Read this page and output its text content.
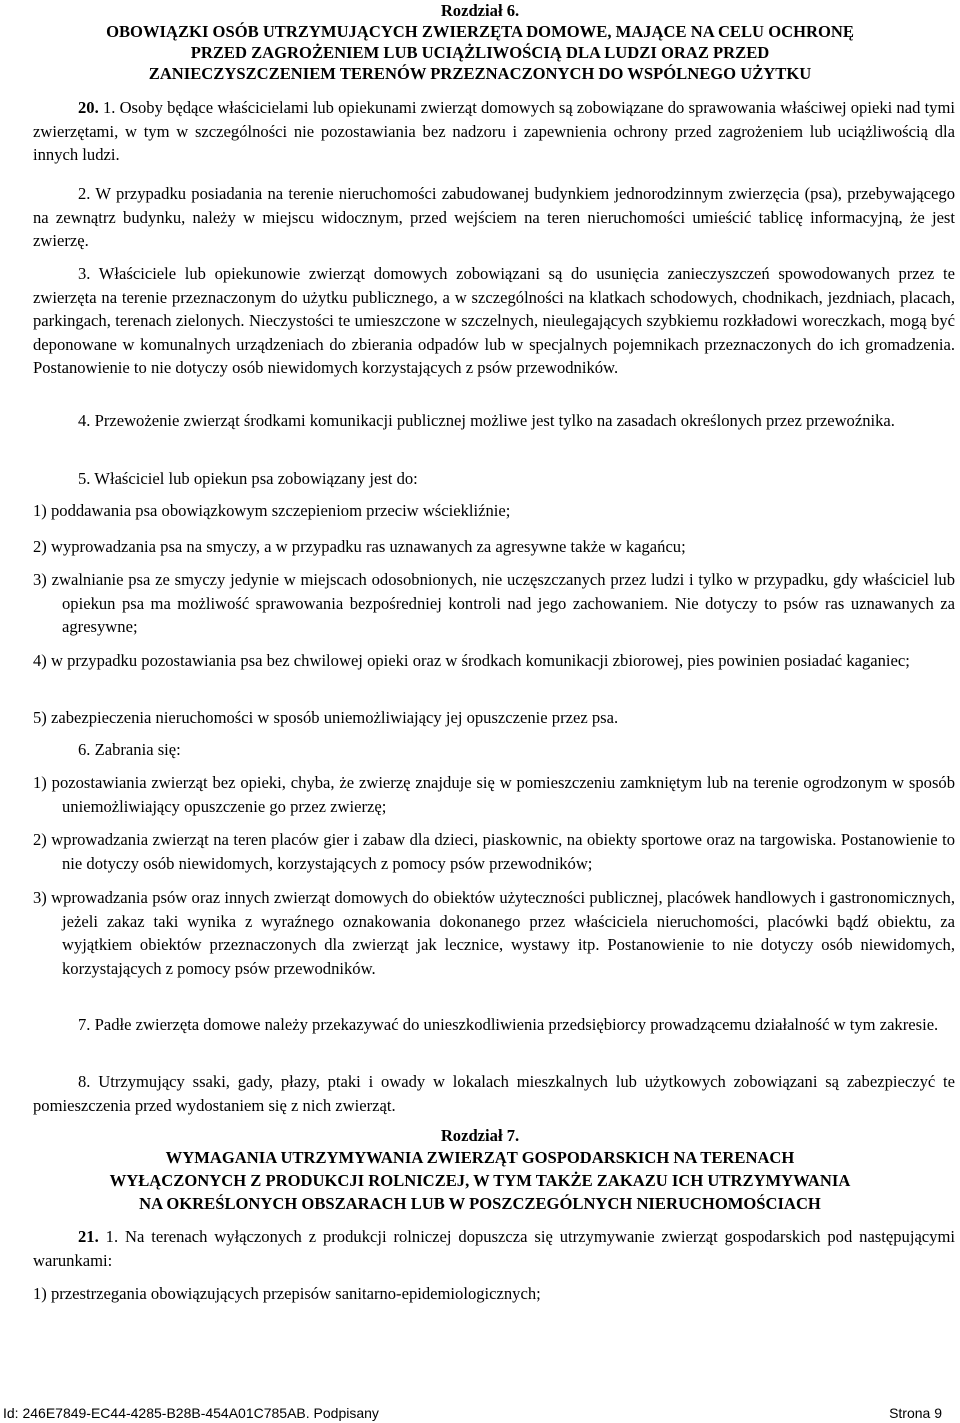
Rozdział 6.
OBOWIĄZKI OSÓB UTRZYMUJĄCYCH ZWIERZĘTA DOMOWE, MAJĄCE NA CELU OCHRONĘ
PRZED ZAGROŻENIEM LUB UCIĄŻLIWOŚCIĄ DLA LUDZI ORAZ PRZED
ZANIECZYSZCZENIEM TERENÓW PRZEZNACZONYCH DO WSPÓLNEGO UŻYTKU
20. 1. Osoby będące właścicielami lub opiekunami zwierząt domowych są zobowiązane do sprawowania właściwej opieki nad tymi zwierzętami, w tym w szczególności nie pozostawiania bez nadzoru i zapewnienia ochrony przed zagrożeniem lub uciążliwością dla innych ludzi.
2. W przypadku posiadania na terenie nieruchomości zabudowanej budynkiem jednorodzinnym zwierzęcia (psa), przebywającego na zewnątrz budynku, należy w miejscu widocznym, przed wejściem na teren nieruchomości umieścić tablicę informacyjną, że jest zwierzę.
3. Właściciele lub opiekunowie zwierząt domowych zobowiązani są do usunięcia zanieczyszczeń spowodowanych przez te zwierzęta na terenie przeznaczonym do użytku publicznego, a w szczególności na klatkach schodowych, chodnikach, jezdniach, placach, parkingach, terenach zielonych. Nieczystości te umieszczone w szczelnych, nieulegających szybkiemu rozkładowi woreczkach, mogą być deponowane w komunalnych urządzeniach do zbierania odpadów lub w specjalnych pojemnikach przeznaczonych do ich gromadzenia. Postanowienie to nie dotyczy osób niewidomych korzystających z psów przewodników.
4. Przewożenie zwierząt środkami komunikacji publicznej możliwe jest tylko na zasadach określonych przez przewoźnika.
5. Właściciel lub opiekun psa zobowiązany jest do:
1) poddawania psa obowiązkowym szczepieniom przeciw wściekliźnie;
2) wyprowadzania psa na smyczy, a w przypadku ras uznawanych za agresywne także w kagańcu;
3) zwalnianie psa ze smyczy jedynie w miejscach odosobnionych, nie uczęszczanych przez ludzi i tylko w przypadku, gdy właściciel lub opiekun psa ma możliwość sprawowania bezpośredniej kontroli nad jego zachowaniem. Nie dotyczy to psów ras uznawanych za agresywne;
4) w przypadku pozostawiania psa bez chwilowej opieki oraz w środkach komunikacji zbiorowej, pies powinien posiadać kaganiec;
5) zabezpieczenia nieruchomości w sposób uniemożliwiający jej opuszczenie przez psa.
6. Zabrania się:
1) pozostawiania zwierząt bez opieki, chyba, że zwierzę znajduje się w pomieszczeniu zamkniętym lub na terenie ogrodzonym w sposób uniemożliwiający opuszczenie go przez zwierzę;
2) wprowadzania zwierząt na teren placów gier i zabaw dla dzieci, piaskownic, na obiekty sportowe oraz na targowiska. Postanowienie to nie dotyczy osób niewidomych, korzystających z pomocy psów przewodników;
3) wprowadzania psów oraz innych zwierząt domowych do obiektów użyteczności publicznej, placówek handlowych i gastronomicznych, jeżeli zakaz taki wynika z wyraźnego oznakowania dokonanego przez właściciela nieruchomości, placówki bądź obiektu, za wyjątkiem obiektów przeznaczonych dla zwierząt jak lecznice, wystawy itp. Postanowienie to nie dotyczy osób niewidomych, korzystających z pomocy psów przewodników.
7. Padłe zwierzęta domowe należy przekazywać do unieszkodliwienia przedsiębiorcy prowadzącemu działalność w tym zakresie.
8. Utrzymujący ssaki, gady, płazy, ptaki i owady w lokalach mieszkalnych lub użytkowych zobowiązani są zabezpieczyć te pomieszczenia przed wydostaniem się z nich zwierząt.
Rozdział 7.
WYMAGANIA UTRZYMYWANIA ZWIERZĄT GOSPODARSKICH NA TERENACH
WYŁĄCZONYCH Z PRODUKCJI ROLNICZEJ, W TYM TAKŻE ZAKAZU ICH UTRZYMYWANIA
NA OKREŚLONYCH OBSZARACH LUB W POSZCZEGÓLNYCH NIERUCHOMOŚCIACH
21. 1. Na terenach wyłączonych z produkcji rolniczej dopuszcza się utrzymywanie zwierząt gospodarskich pod następującymi warunkami:
1) przestrzegania obowiązujących przepisów sanitarno-epidemiologicznych;
Id: 246E7849-EC44-4285-B28B-454A01C785AB. Podpisany	Strona 9
